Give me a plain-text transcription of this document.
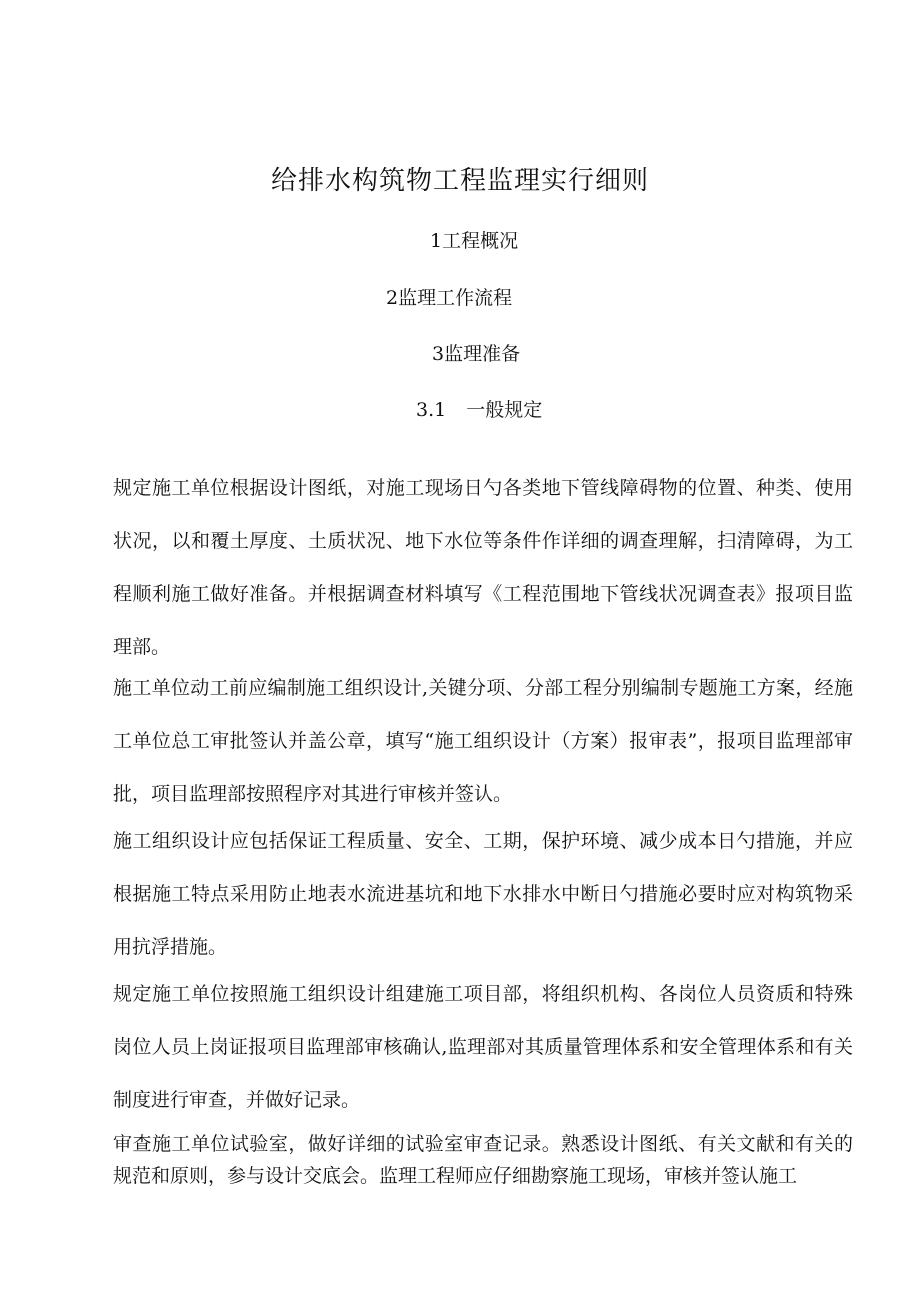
给排水构筑物工程监理实行细则
1工程概况
2监理工作流程
3监理准备
3.1 一般规定
规定施工单位根据设计图纸，对施工现场日勺各类地下管线障碍物的位置、种类、使用状况，以和覆土厚度、土质状况、地下水位等条件作详细的调查理解，扫清障碍，为工程顺利施工做好准备。并根据调查材料填写《工程范围地下管线状况调查表》报项目监理部。
施工单位动工前应编制施工组织设计,关键分项、分部工程分别编制专题施工方案，经施工单位总工审批签认并盖公章，填写“施工组织设计（方案）报审表”，报项目监理部审批，项目监理部按照程序对其进行审核并签认。
施工组织设计应包括保证工程质量、安全、工期，保护环境、减少成本日勺措施，并应根据施工特点采用防止地表水流进基坑和地下水排水中断日勺措施必要时应对构筑物采用抗浮措施。
规定施工单位按照施工组织设计组建施工项目部，将组织机构、各岗位人员资质和特殊岗位人员上岗证报项目监理部审核确认,监理部对其质量管理体系和安全管理体系和有关制度进行审查，并做好记录。
审查施工单位试验室，做好详细的试验室审查记录。熟悉设计图纸、有关文献和有关的规范和原则，参与设计交底会。监理工程师应仔细勘察施工现场，审核并签认施工
